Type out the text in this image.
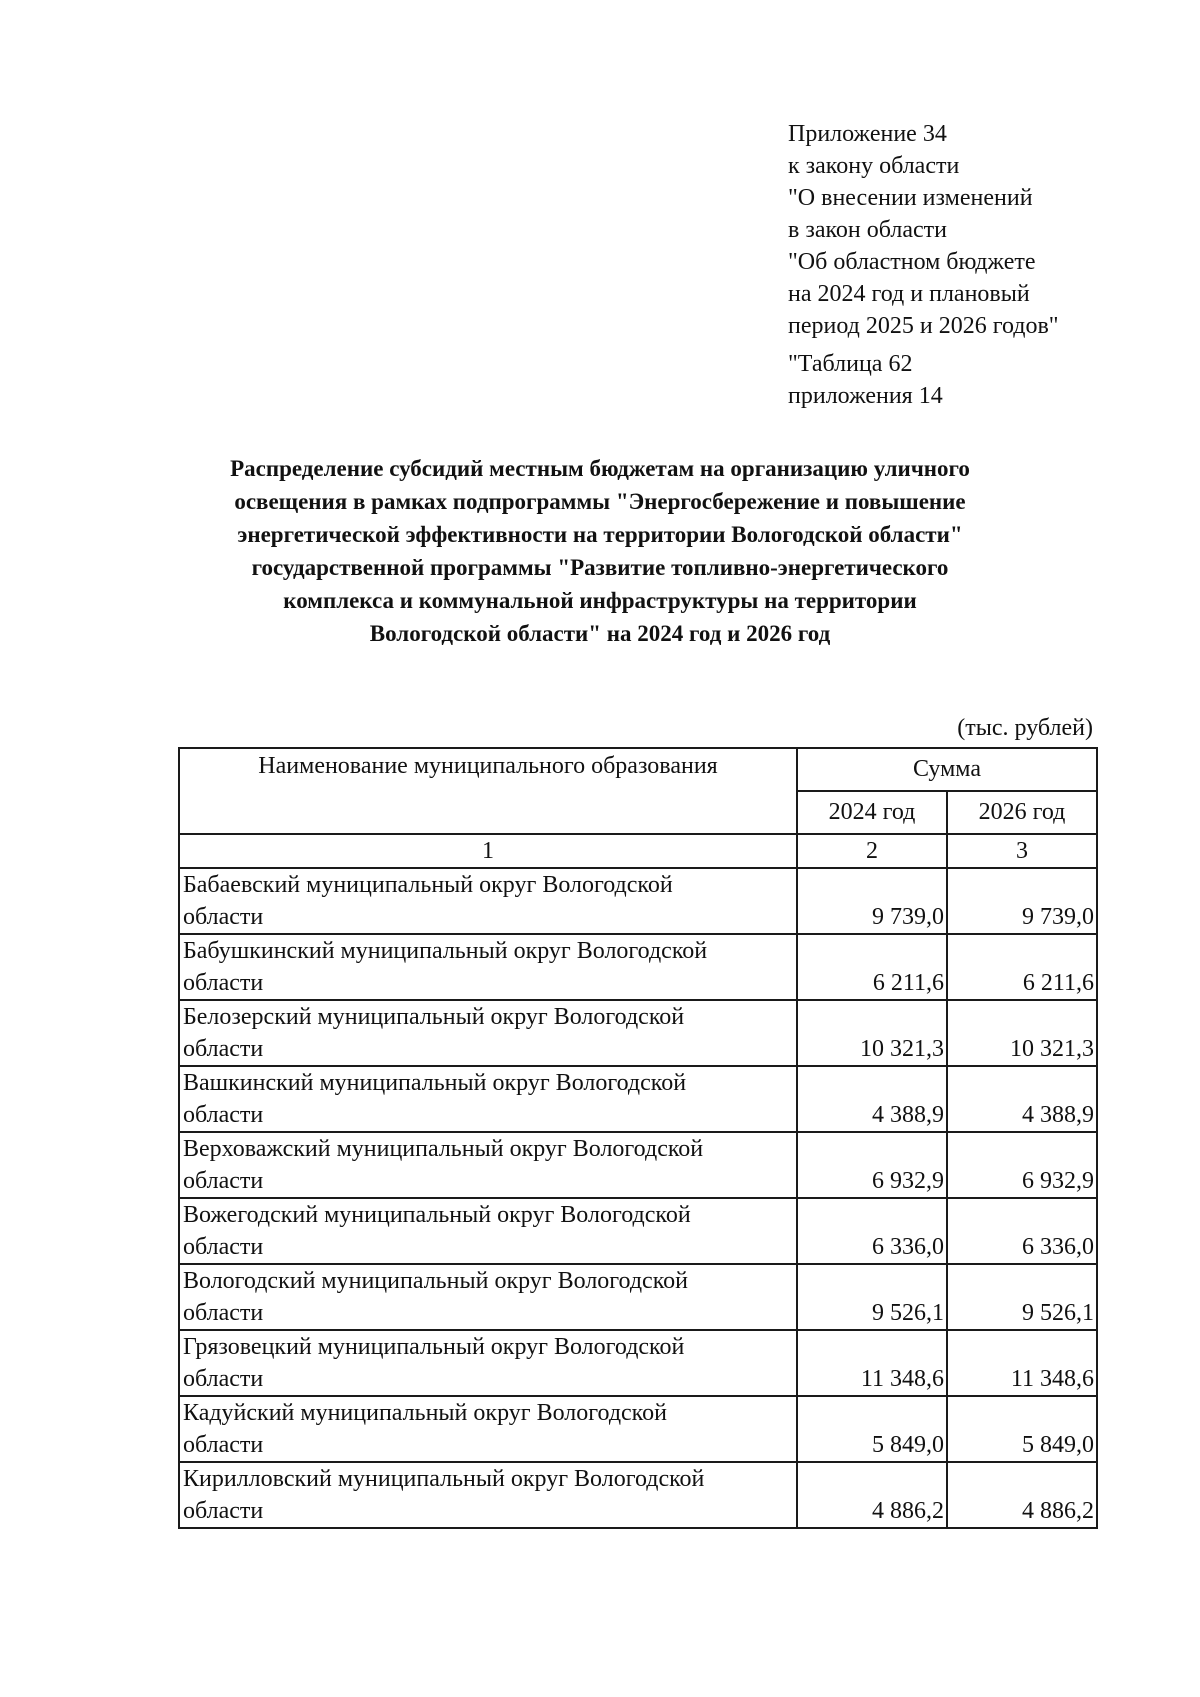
Приложение 34
к закону области
"О внесении изменений
в закон области
"Об областном бюджете
на 2024 год и плановый
период 2025 и 2026 годов"
"Таблица 62
приложения 14
Распределение субсидий местным бюджетам на организацию уличного
освещения в рамках подпрограммы "Энергосбережение и повышение
энергетической эффективности на территории Вологодской области"
государственной программы "Развитие топливно-энергетического
комплекса и коммунальной инфраструктуры на территории
Вологодской области" на 2024 год и 2026 год
(тыс. рублей)
Наименование муниципального образования	Сумма	
	2024 год	2026 год
1	2	3
Бабаевский муниципальный округ Вологодской
области	9 739,0	9 739,0
Бабушкинский муниципальный округ Вологодской
области	6 211,6	6 211,6
Белозерский муниципальный округ Вологодской
области	10 321,3	10 321,3
Вашкинский муниципальный округ Вологодской
области	4 388,9	4 388,9
Верховажский муниципальный округ Вологодской
области	6 932,9	6 932,9
Вожегодский муниципальный округ Вологодской
области	6 336,0	6 336,0
Вологодский муниципальный округ Вологодской
области	9 526,1	9 526,1
Грязовецкий муниципальный округ Вологодской
области	11 348,6	11 348,6
Кадуйский муниципальный округ Вологодской
области	5 849,0	5 849,0
Кирилловский муниципальный округ Вологодской
области	4 886,2	4 886,2
